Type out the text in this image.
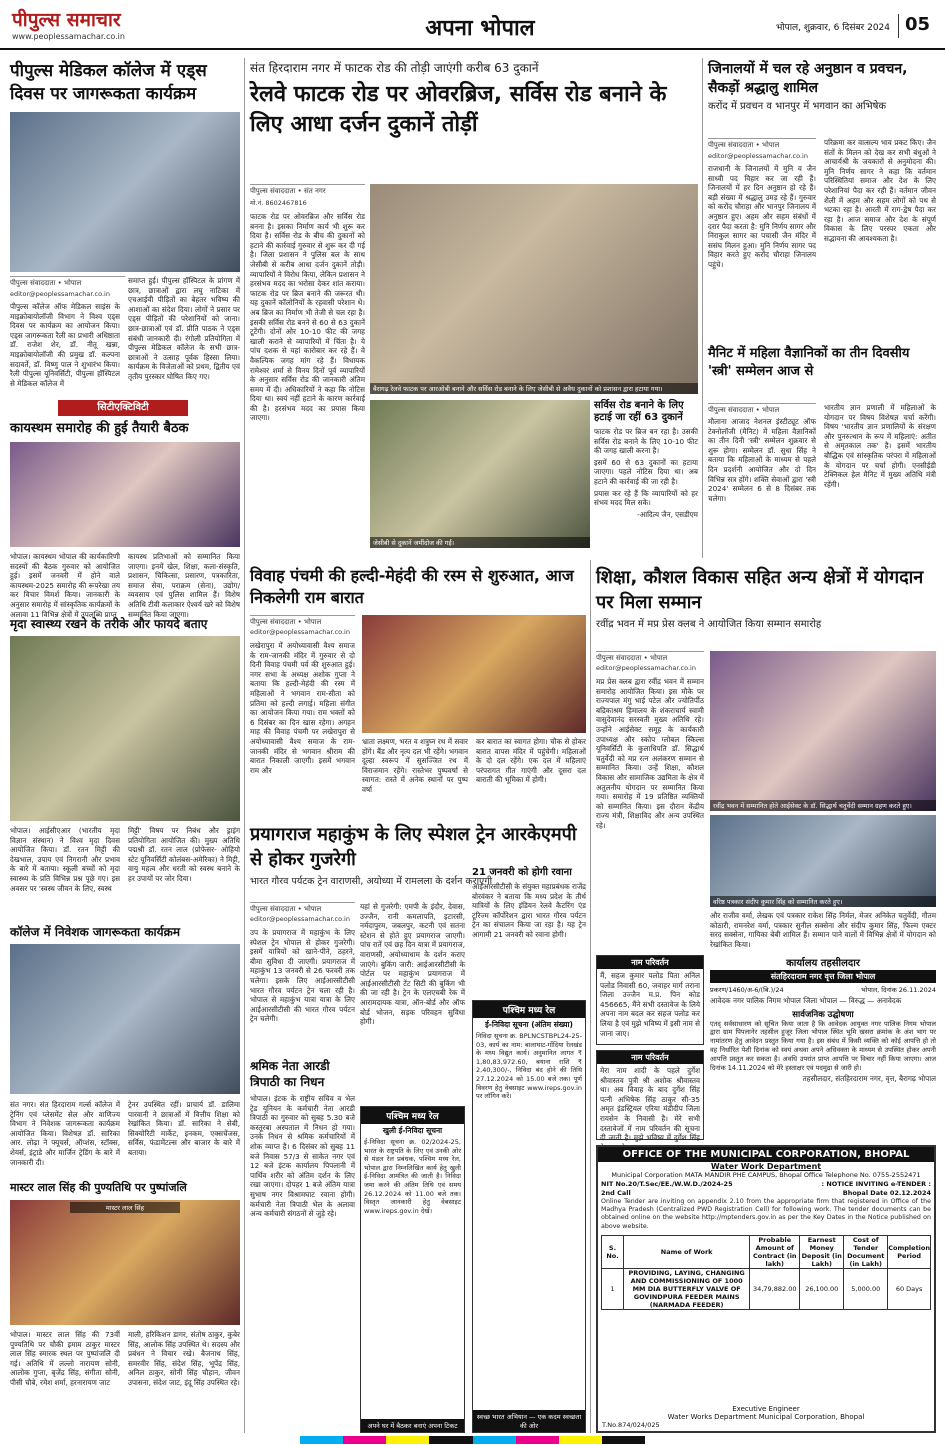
पीपुल्स समाचार
www.peoplessamachar.co.in	अपना भोपाल	भोपाल, शुक्रवार, 6 दिसंबर 2024 05
पीपुल्स मेडिकल कॉलेज में एड्स दिवस पर जागरूकता कार्यक्रम
पीपुल्स संवाददाता • भोपाल
editor@peoplessamachar.co.in
पीपुल्स कॉलेज ऑफ मेडिकल साइंस के माइक्रोबायोलॉजी विभाग ने विश्व एड्स दिवस पर कार्यक्रम का आयोजन किया। एड्स जागरूकता रैली का प्रभारी अधिष्ठाता डॉ. राजेश शेर, डॉ. नीतू खन्ना, माइक्रोबायोलॉजी की प्रमुख डॉ. कल्पना सदावर्ते, डॉ. विष्णु पाल ने शुभारंभ किया। रैली पीपुल्स यूनिवर्सिटी, पीपुल्स हॉस्पिटल से मेडिकल कॉलेज में
समाप्त हुई। पीपुल्स हॉस्पिटल के प्रांगण में छात्र, छात्राओं द्वारा लघु नाटिका में एचआईवी पीड़ितों का बेहतर भविष्य की आशाओं का संदेश दिया। लोगों ने प्रसार पर एड्स पीड़ितों की परेशानियों को जाना। छात्र-छात्राओं एवं डॉ. प्रीति पाठक ने एड्स संबंधी जानकारी दी। रंगोली प्रतियोगिता में पीपुल्स मेडिकल कॉलेज के सभी छात्र-छात्राओं ने उत्साह पूर्वक हिस्सा लिया। कार्यक्रम के विजेताओं को प्रथम, द्वितीय एवं तृतीय पुरस्कार घोषित किए गए।
सिटीएक्टिविटी
कायस्थम समारोह की हुई तैयारी बैठक
भोपाल। कायस्थम भोपाल की कार्यकारिणी सदस्यों की बैठक गुरुवार को आयोजित हुई। इसमें जनवरी में होने वाले कायस्थम-2025 समारोह की रूपरेखा तय कर विचार विमर्श किया। जानकारी के अनुसार समारोह में सांस्कृतिक कार्यक्रमों के अलावा 11 विभिन्न क्षेत्रों में उपलब्धि प्राप्त
कायस्थ प्रतिभाओं को सम्मानित किया जाएगा। इनमें खेल, शिक्षा, कला-संस्कृति, प्रशासन, चिकित्सा, प्रसारण, पत्रकारिता, समाज सेवा, पराक्रम (सेना), उद्योग/व्यवसाय एवं पुलिस शामिल हैं। विशेष अतिथि टीवी कलाकार ऐश्वर्य खरे को विशेष सम्मानित किया जाएगा।
मृदा स्वास्थ्य रखने के तरीके और फायदे बताए
भोपाल। आईसीएआर (भारतीय मृदा विज्ञान संस्थान) ने विश्व मृदा दिवस आयोजित किया। डॉ. रतन मिट्टी की देखभाल, उपाय एवं निगरानी और प्रभाव के बारे में बताया। स्कूली बच्चों को मृदा स्वास्थ्य के प्रति विभिन्न प्रश्न पूछे गए। इस अवसर पर 'स्वस्थ जीवन के लिए, स्वस्थ
मिट्टी' विषय पर निबंध और ड्राइंग प्रतियोगिता आयोजित की। मुख्य अतिथि पद्मश्री डॉ. रतन लाल (प्रोफेसर- ओहियो स्टेट यूनिवर्सिटी कोलंबस-अमेरिका) ने मिट्टी, वायु महत्व और धरती को स्वस्थ बनाने के हर उपायों पर जोर दिया।
कॉलेज में निवेशक जागरूकता कार्यक्रम
संत नगर। संत हिरदाराम गर्ल्स कॉलेज में ट्रेनिंग एवं प्लेसमेंट सेल और वाणिज्य विभाग ने निवेशक जागरूकता कार्यक्रम आयोजित किया। विशेषज्ञ डॉ. सारिका आर. लोढ़ा ने फ्यूचर्स, ऑप्शंस, स्टॉक्स, शेयर्स, इंट्राडे और मार्जिन ट्रेडिंग के बारे में जानकारी दी।
ट्रेनर उपस्थित रहीं। प्राचार्य डॉ. डालिमा पारवानी ने छात्राओं में वित्तीय शिक्षा को रेखांकित किया। डॉ. सारिका ने सेबी, सिक्योरिटी मार्केट, इनकम, एक्सचेंजस, सर्विस, फंडामेंटल्स और बाजार के बारे में बताया।
मास्टर लाल सिंह की पुण्यतिथि पर पुष्पांजलि
मास्टर लाल सिंह
भोपाल। मास्टर लाल सिंह की 73वीं पुण्यतिथि पर चौकी इमाम ठाकुर मास्टर लाल सिंह स्मारक स्थल पर पुष्पांजलि दी गई। अतिथि में लल्लो नारायण सोनी, आलोक गुप्ता, बृजेंद्र सिंह, संगीता सोनी, पीसी चौबे, रमेश शर्मा, हरनारायण जाट
माली, हरिकिशन डागर, संतोष ठाकुर, कुबेर सिंह, आलोक सिंह उपस्थित थे। सदस्य और प्रबंधन ने विचार रखे। बैजनाथ सिंह, समरवीर सिंह, संदेश सिंह, भूपेंद्र सिंह, अनिल ठाकुर, सोनी सिंह चौहान, जीवन उपासना, संदेश जाट, इंदू सिंह उपस्थित रहे।
संत हिरदाराम नगर में फाटक रोड की तोड़ी जाएंगी करीब 63 दुकानें
रेलवे फाटक रोड पर ओवरब्रिज, सर्विस रोड बनाने के लिए आधा दर्जन दुकानें तोड़ीं
पीपुल्स संवाददाता • संत नगर
मो.नं. 8602467816
फाटक रोड पर ओवरब्रिज और सर्विस रोड बनना है। इसका निर्माण कार्य भी शुरू कर दिया है। सर्विस रोड के बीच की दुकानों को हटाने की कार्रवाई गुरुवार से शुरू कर दी गई है। जिला प्रशासन ने पुलिस बल के साथ जेसीबी से करीब आधा दर्जन दुकानें तोड़ी। व्यापारियों ने विरोध किया, लेकिन प्रशासन ने हरसंभव मदद का भरोसा देकर शांत कराया। फाटक रोड पर ब्रिज बनाने की जरूरत थी। यह दुकानें कॉलोनियों के रहवासी परेशान थे। अब ब्रिज का निर्माण भी तेजी से चल रहा है। इसकी सर्विस रोड बनने से 60 से 63 दुकानें टूटेंगी। दोनों ओर 10-10 फीट की जगह खाली कराने से व्यापारियों में चिंता है। ये पांच दशक से यहां कारोबार कर रहे हैं। वे वैकल्पिक जगह मांग रहे हैं। विधायक रामेश्वर शर्मा से विनय दिनों पूर्व व्यापारियों के अनुसार सर्विस रोड की जानकारी अंतिम समय में दी। अधिकारियों ने कहा कि नोटिस दिया था। स्वयं नहीं हटाने के कारण कार्रवाई की है। हरसंभव मदद का प्रयास किया जाएगा।
बैरागढ़ रेलवे फाटक पर आरओबी बनाने और सर्विस रोड बनाने के लिए जेसीबी से अवैध दुकानों को प्रशासन द्वारा हटाया गया।
जेसीबी से दुकानें जमींदोज की गईं।
सर्विस रोड बनाने के लिए हटाई जा रहीं 63 दुकानें
फाटक रोड पर ब्रिज बन रहा है। उसकी सर्विस रोड बनाने के लिए 10-10 फीट की जगह खाली करना है।
इसमें 60 से 63 दुकानों का हटाया जाएगा। पहले नोटिस दिया था। अब हटाने की कार्रवाई की जा रही है।
प्रयास कर रहे हैं कि व्यापारियों को हर संभव मदद मिल सके।
-आदित्य जैन, एसडीएम
जिनालयों में चल रहे अनुष्ठान व प्रवचन, सैकड़ों श्रद्धालु शामिल
करोंद में प्रवचन व भानपुर में भगवान का अभिषेक
पीपुल्स संवाददाता • भोपाल
editor@peoplessamachar.co.in
राजधानी के जिनालयों में मुनि व जैन साध्वी पद विहार कर जा रही हैं। जिनालयों में हर दिन अनुष्ठान हो रहे हैं। बड़ी संख्या में श्रद्धालु उमड़ रहे हैं। गुरुवार को करोंद चौराहा और भानपुर जिनालय में अनुष्ठान हुए। अहम और सहम संबंधों में दरार पैदा करता है: मुनि निर्णय सागर और निराकुल सागर का पचासी जैन मंदिर में ससंघ मिलन हुआ। मुनि निर्णय सागर पद विहार करते हुए करोंद चौराहा जिनालय पहुंचे।
परिक्रमा कर वात्सल्य भाव प्रकट किए। जैन संतों के मिलन को देख कर सभी बंधुओं ने आचार्यश्री के जयकारों से अनुमोदना की। मुनि निर्णय सागर ने कहा कि वर्तमान परिस्थितियां समाज और देश के लिए परेशानियां पैदा कर रही हैं। वर्तमान जीवन शैली में अहम और सहम लोगों को पथ से भटका रहा है। आरती में राग-द्वेष पैदा कर रहा है। आज समाज और देश के संपूर्ण विकास के लिए परस्पर एकता और सद्भावना की आवश्यकता है।
मैनिट में महिला वैज्ञानिकों का तीन दिवसीय 'स्त्री' सम्मेलन आज से
पीपुल्स संवाददाता • भोपाल
मौलाना आजाद नेशनल इंस्टीट्यूट ऑफ टेक्नोलॉजी (मैनिट) में महिला वैज्ञानिकों का तीन दिनी 'स्त्री' सम्मेलन शुक्रवार से शुरू होगा। सम्मेलन डॉ. सुधा सिंह ने बताया कि महिलाओं के माध्यम से पहले दिन प्रदर्शनी आयोजित और दो दिन विभिन्न सत्र होंगे। शक्ति सेवाओं द्वारा 'स्त्री 2024' सम्मेलन 6 से 8 दिसंबर तक चलेगा।
भारतीय ज्ञान प्रणाली में महिलाओं के योगदान पर विषय विशेषज्ञ चर्चा करेंगी। विषय 'भारतीय ज्ञान प्रणालियों के संरक्षण और पुनरुत्थान के रूप में महिलाएं: अतीत से अमृतकाल तक' है। इसमें भारतीय बौद्धिक एवं सांस्कृतिक परंपरा में महिलाओं के योगदान पर चर्चा होगी। एनसीईडी टेक्निकल हेल मैनिट में मुख्य अतिथि मंत्री रहेंगी।
विवाह पंचमी की हल्दी-मेहंदी की रस्म से शुरुआत, आज निकलेगी राम बारात
पीपुल्स संवाददाता • भोपाल
editor@peoplessamachar.co.in
लखेरापुरा में अयोध्यावासी वैश्य समाज के राम-जानकी मंदिर में गुरुवार से दो दिनी विवाह पंचमी पर्व की शुरुआत हुई। नगर सभा के अध्यक्ष अशोक गुप्ता ने बताया कि हल्दी-मेहंदी की रस्म में महिलाओं ने भगवान राम-सीता को प्रतिमा को हल्दी लगाई। महिला संगीत का आयोजन किया गया। राम भक्तों को 6 दिसंबर का दिन खास रहेगा। अगहन माह की विवाह पंचमी पर लखेरापुरा से अयोध्यावासी वैश्य समाज के राम-जानकी मंदिर से भगवान श्रीराम की बारात निकाली जाएगी। इसमें भगवान राम और
भ्राता लक्ष्मण, भरत व शत्रुघ्न रथ में सवार होंगे। बैंड और नृत्य दल भी रहेंगे। भगवान दूल्हा स्वरूप में सुसज्जित रथ में विराजमान रहेंगे। रास्तेभर पुष्पवर्षा से स्वागत: रास्ते में अनेक स्थानों पर पुष्प वर्षा
कर बारात का स्वागत होगा। चौक से होकर बारात वापस मंदिर में पहुंचेगी। महिलाओं के दो दल रहेंगे। एक दल में महिलाएं परंपरागत गीत गाएंगी और दूसरा दल बाराती की भूमिका में होगी।
प्रयागराज महाकुंभ के लिए स्पेशल ट्रेन आरकेएमपी से होकर गुजरेगी
भारत गौरव पर्यटक ट्रेन वाराणसी, अयोध्या में रामलला के दर्शन कराएगी
पीपुल्स संवाददाता • भोपाल
editor@peoplessamachar.co.in
उप के प्रयागराज में महाकुंभ के लिए स्पेशल ट्रेन भोपाल से होकर गुजरेगी। इसमें यात्रियों को खाने-पीने, ठहरने, बीमा सुविधा दी जाएगी। प्रयागराज में महाकुंभ 13 जनवरी से 26 फरवरी तक चलेगा। इसके लिए आईआरसीटीसी भारत गौरव पर्यटन ट्रेन चला रही है। भोपाल से महाकुंभ यात्रा यात्रा के लिए आईआरसीटीसी की भारत गौरव पर्यटन ट्रेन चलेगी।
यहां से गुजरेगी: एमपी के इंदौर, देवास, उज्जैन, रानी कमलापति, इटारसी, नर्मदापुरम, जबलपुर, कटनी एवं सतना स्टेशन से होते हुए प्रयागराज जाएगी। पांच रातें एवं छह दिन यात्रा में प्रयागराज, वाराणसी, अयोध्याधाम के दर्शन कराए जाएंगे। बुकिंग जारी: आईआरसीटीसी के पोर्टल पर महाकुंभ प्रयागराज में आईआरसीटीसी टेंट सिटी की बुकिंग भी की जा रही है। ट्रेन के एलएचबी रेक में आरामदायक यात्रा, ऑन-बोर्ड और ऑफ बोर्ड भोजन, सड़क परिवहन सुविधा होगी।
21 जनवरी को होगी रवाना
आईआरसीटीसी के संयुक्त महाप्रबंधक राजेंद्र बोरवंकर ने बताया कि मध्य प्रदेश के तीर्थ यात्रियों के लिए इंडियन रेलवे कैटरिंग एंड टूरिज्म कॉर्पोरेशन द्वारा भारत गौरव पर्यटन ट्रेन का संचालन किया जा रहा है। यह ट्रेन आगामी 21 जनवरी को रवाना होगी।
श्रमिक नेता आरडी त्रिपाठी का निधन
भोपाल। इंटक के राष्ट्रीय सचिव व भेल ट्रेड यूनियन के कर्मचारी नेता आरडी त्रिपाठी का गुरुवार को सुबह 5.30 बजे कस्तूरबा अस्पताल में निधन हो गया। उनके निधन से श्रमिक कर्मचारियों में शोक व्याप्त है। 6 दिसंबर को सुबह 11 बजे निवास 57/3 से साकेत नगर एवं 12 बजे इंटक कार्यालय पिपलानी में पार्थिव शरीर को अंतिम दर्शन के लिए रखा जाएगा। दोपहर 1 बजे अंतिम यात्रा सुभाष नगर विश्रामघाट रवाना होगी। कर्मचारी नेता त्रिपाठी भेल के अलावा अन्य कर्मचारी संगठनों से जुड़े रहे।
पश्चिम मध्य रेल
खुली ई-निविदा सूचना
ई-निविदा सूचना क्र. 02/2024-25, भारत के राष्ट्रपति के लिए एवं उनकी ओर से मंडल रेल प्रबंधक, पश्चिम मध्य रेल, भोपाल द्वारा निम्नलिखित कार्य हेतु खुली ई-निविदा आमंत्रित की जाती है। निविदा जमा करने की अंतिम तिथि एवं समय 26.12.2024 को 11.00 बजे तक। विस्तृत जानकारी हेतु वेबसाइट www.ireps.gov.in देखें।
अपने घर में बैठकर बनाएं अपना टिकट
पश्चिम मध्य रेल
ई-निविदा सूचना (अंतिम संख्या)
निविदा सूचना क्र. BPLNCSTBPL24-25-03, कार्य का नाम: बालाघाट-गोंदिया रेलखंड के मध्य विद्युत कार्य। अनुमानित लागत ₹ 1,80,83,972.60, बयाना राशि ₹ 2,40,300/-, निविदा बंद होने की तिथि 27.12.2024 को 15.00 बजे तक। पूर्ण विवरण हेतु वेबसाइट www.ireps.gov.in पर लॉगिन करें।
स्वच्छ भारत अभियान — एक कदम स्वच्छता की ओर
शिक्षा, कौशल विकास सहित अन्य क्षेत्रों में योगदान पर मिला सम्मान
रवींद्र भवन में मप्र प्रेस क्लब ने आयोजित किया सम्मान समारोह
पीपुल्स संवाददाता • भोपाल
editor@peoplessamachar.co.in
मप्र प्रेस क्लब द्वारा रवींद्र भवन में सम्मान समारोह आयोजित किया। इस मौके पर राज्यपाल मंगु भाई पटेल और ज्योतिर्पीठ बद्रिकाश्रम हिमालय के शंकराचार्य स्वामी वासुदेवानंद सरस्वती मुख्य अतिथि रहे। उन्होंने आईसेक्ट समूह के कार्यकारी उपाध्यक्ष और स्कोप ग्लोबल स्किल्स यूनिवर्सिटी के कुलाधिपति डॉ. सिद्धार्थ चतुर्वेदी को मप्र रत्न अलंकरण सम्मान से सम्मानित किया। उन्हें शिक्षा, कौशल विकास और सामाजिक उद्यमिता के क्षेत्र में अतुलनीय योगदान पर सम्मानित किया गया। समारोह में 19 प्रतिष्ठित व्यक्तियों को सम्मानित किया। इस दौरान केंद्रीय राज्य मंत्री, शिक्षाविद और अन्य उपस्थित रहे।
रवींद्र भवन में सम्मानित होते आईसेक्ट के डॉ. सिद्धार्थ चतुर्वेदी सम्मान ग्रहण करते हुए।
वरिष्ठ पत्रकार संदीप कुमार सिंह को सम्मानित करते हुए।
और राजीव वर्मा, लेखक एवं पत्रकार राकेश सिंह निर्मल, मेजर अनिकेत चतुर्वेदी, गौतम कोठारी, रामनरेश वर्मा, पत्रकार सुनील सक्सेना और संदीप कुमार सिंह, फिल्म एक्टर सरद सक्सेना, गायिका बेबी शामिल हैं। सम्मान पाने वालों में विभिन्न क्षेत्रों में योगदान को रेखांकित किया।
नाम परिवर्तन
मैं, सहज कुमार पलोड पिता अनिल पलोड निवासी 60, जवाहर मार्ग तराना जिला उज्जैन म.प्र. पिन कोड 456665, मैंने सभी दस्तावेज के लिये अपना नाम बदल कर सहज पलोड कर लिया है एवं मुझे भविष्य में इसी नाम से जाना जाए।
नाम परिवर्तन
मेरा नाम शादी के पहले दुर्गेश श्रीवास्तव पुत्री श्री अशोक श्रीवास्तव था। अब विवाह के बाद दुर्गेश सिंह पत्नी अभिषेक सिंह ठाकुर सी-35 अमृत इंडस्ट्रियल एरिया मंडीदीप जिला रायसेन के निवासी है। मेरे सभी दस्तावेजों में नाम परिवर्तन की सूचना दी जाती है। मुझे भविष्य में दुर्गेश सिंह
कार्यालय तहसीलदार
संतहिरदाराम नगर वृत्त जिला भोपाल
प्रकरण/1460/अ-6/(बि.)/24	भोपाल, दिनांक 26.11.2024
आवेदक नगर पालिक निगम भोपाल जिला भोपाल — विरुद्ध — अनावेदक
सार्वजनिक उद्घोषणा
एतद् सर्वसाधारण को सूचित किया जाता है कि आवेदक आयुक्त नगर पालिक निगम भोपाल द्वारा ग्राम पिपलानेर तहसील हुजूर जिला भोपाल स्थित भूमि खसरा क्रमांक के अंश भाग पर नामांतरण हेतु आवेदन प्रस्तुत किया गया है। इस संबंध में किसी व्यक्ति को कोई आपत्ति हो तो वह निर्धारित पेशी दिनांक को स्वयं अथवा अपने अधिवक्ता के माध्यम से उपस्थित होकर अपनी आपत्ति प्रस्तुत कर सकता है। अवधि उपरांत प्राप्त आपत्ति पर विचार नहीं किया जाएगा। आज दिनांक 14.11.2024 को मेरे हस्ताक्षर एवं पदमुद्रा से जारी हो।
तहसीलदार, संतहिरदाराम नगर, वृत्त, बैरागढ़ भोपाल
OFFICE OF THE MUNICIPAL CORPORATION, BHOPAL
Water Work Department
Municipal Corporation MATA MANDIR PHE CAMPUS, Bhopal Office Telephone No. 0755-2552471
NIT No.20/T.Sec/EE./W.W.D./2024-25	: NOTICE INVITING e-TENDER :
2nd Call	Bhopal Date 02.12.2024
Online Tender are inviting on appendix 2.10 from the appropriate firm that registered in Office of the Madhya Pradesh (Centralized PWD Registration Cell) for following work. The tender documents can be obtained online on the website http://mptenders.gov.in as per the Key Dates in the Notice published on above website.
S. No.	Name of Work	Probable Amount of Contract (in lakh)	Earnest Money Deposit (in Lakh)	Cost of Tender Document (in Lakh)	Completion Period
1	PROVIDING, LAYING, CHANGING AND COMMISSIONING OF 1000 MM DIA BUTTERFLY VALVE OF GOVINDPURA FEEDER MAINS (NARMADA FEEDER)	34,79,882.00	26,100.00	5,000.00	60 Days
Executive Engineer
Water Works Department Municipal Corporation, Bhopal
T.No.874/024/025
